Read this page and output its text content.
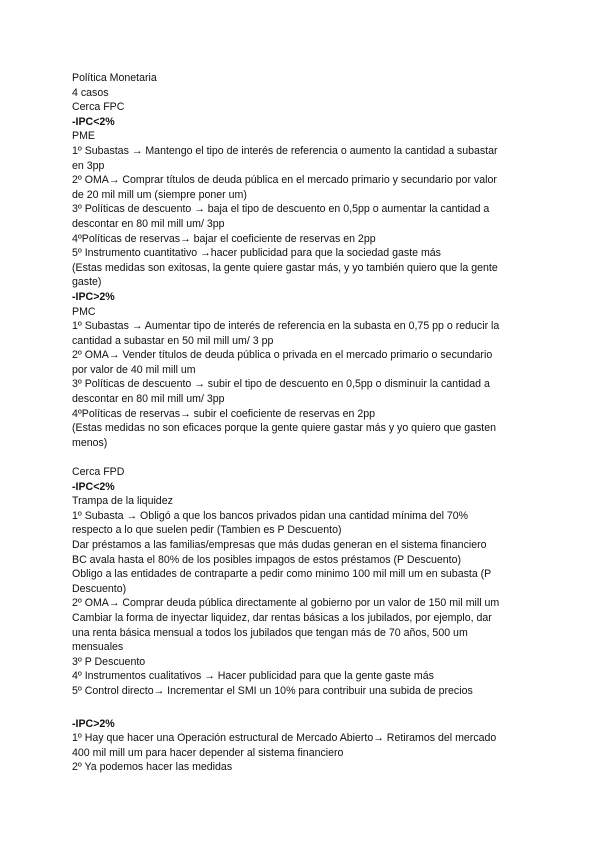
Política Monetaria
4 casos
Cerca FPC
-IPC<2%
PME
1º Subastas → Mantengo el tipo de interés de referencia o aumento la cantidad a subastar
en 3pp
2º OMA→ Comprar títulos de deuda pública en el mercado primario y secundario por valor
de 20 mil mill um (siempre poner um)
3º Políticas de descuento → baja el tipo de descuento en 0,5pp o aumentar la cantidad a
descontar en 80 mil mill um/ 3pp
4ºPolíticas de reservas→ bajar el coeficiente de reservas en 2pp
5º Instrumento cuantitativo →hacer publicidad para que la sociedad gaste más
(Estas medidas son exitosas, la gente quiere gastar más, y yo también quiero que la gente
gaste)
-IPC>2%
PMC
1º Subastas → Aumentar tipo de interés de referencia en la subasta en 0,75 pp o reducir la
cantidad a subastar en 50 mil mill um/ 3 pp
2º OMA→ Vender títulos de deuda pública o privada en el mercado primario o secundario
por valor de 40 mil mill um
3º Políticas de descuento → subir el tipo de descuento en 0,5pp o disminuir la cantidad a
descontar en 80 mil mill um/ 3pp
4ºPolíticas de reservas→ subir el coeficiente de reservas en 2pp
(Estas medidas no son eficaces porque la gente quiere gastar más y yo quiero que gasten
menos)
Cerca FPD
-IPC<2%
Trampa de la liquidez
1º Subasta → Obligó a que los bancos privados pidan una cantidad mínima del 70%
respecto a lo que suelen pedir (Tambien es P Descuento)
Dar préstamos a las familias/empresas que más dudas generan en el sistema financiero
BC avala hasta el 80% de los posibles impagos de estos préstamos (P Descuento)
Obligo a las entidades de contraparte a pedir como minimo 100 mil mill um en subasta (P
Descuento)
2º OMA→ Comprar deuda pública directamente al gobierno por un valor de 150 mil mill um
Cambiar la forma de inyectar liquidez, dar rentas básicas a los jubilados, por ejemplo, dar
una renta básica mensual a todos los jubilados que tengan más de 70 años, 500 um
mensuales
3º P Descuento
4º Instrumentos cualitativos → Hacer publicidad para que la gente gaste más
5º Control directo→ Incrementar el SMI un 10% para contribuir una subida de precios
-IPC>2%
1º Hay que hacer una Operación estructural de Mercado Abierto→ Retiramos del mercado
400 mil mill um para hacer depender al sistema financiero
2º Ya podemos hacer las medidas
